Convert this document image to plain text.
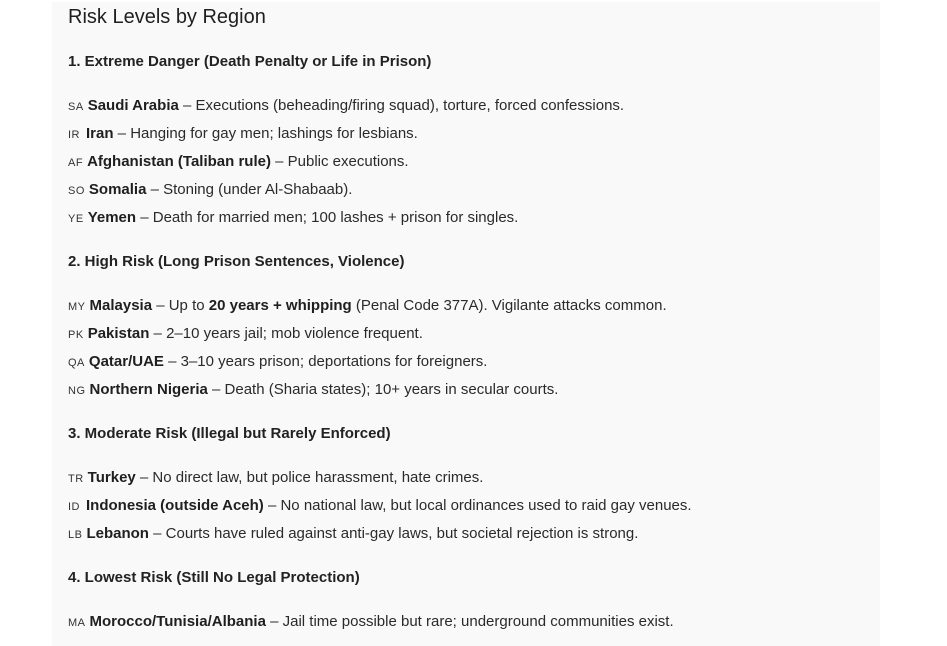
Risk Levels by Region
1. Extreme Danger (Death Penalty or Life in Prison)
SA Saudi Arabia – Executions (beheading/firing squad), torture, forced confessions.
IR Iran – Hanging for gay men; lashings for lesbians.
AF Afghanistan (Taliban rule) – Public executions.
SO Somalia – Stoning (under Al-Shabaab).
YE Yemen – Death for married men; 100 lashes + prison for singles.
2. High Risk (Long Prison Sentences, Violence)
MY Malaysia – Up to 20 years + whipping (Penal Code 377A). Vigilante attacks common.
PK Pakistan – 2–10 years jail; mob violence frequent.
QA Qatar/UAE – 3–10 years prison; deportations for foreigners.
NG Northern Nigeria – Death (Sharia states); 10+ years in secular courts.
3. Moderate Risk (Illegal but Rarely Enforced)
TR Turkey – No direct law, but police harassment, hate crimes.
ID Indonesia (outside Aceh) – No national law, but local ordinances used to raid gay venues.
LB Lebanon – Courts have ruled against anti-gay laws, but societal rejection is strong.
4. Lowest Risk (Still No Legal Protection)
MA Morocco/Tunisia/Albania – Jail time possible but rare; underground communities exist.
